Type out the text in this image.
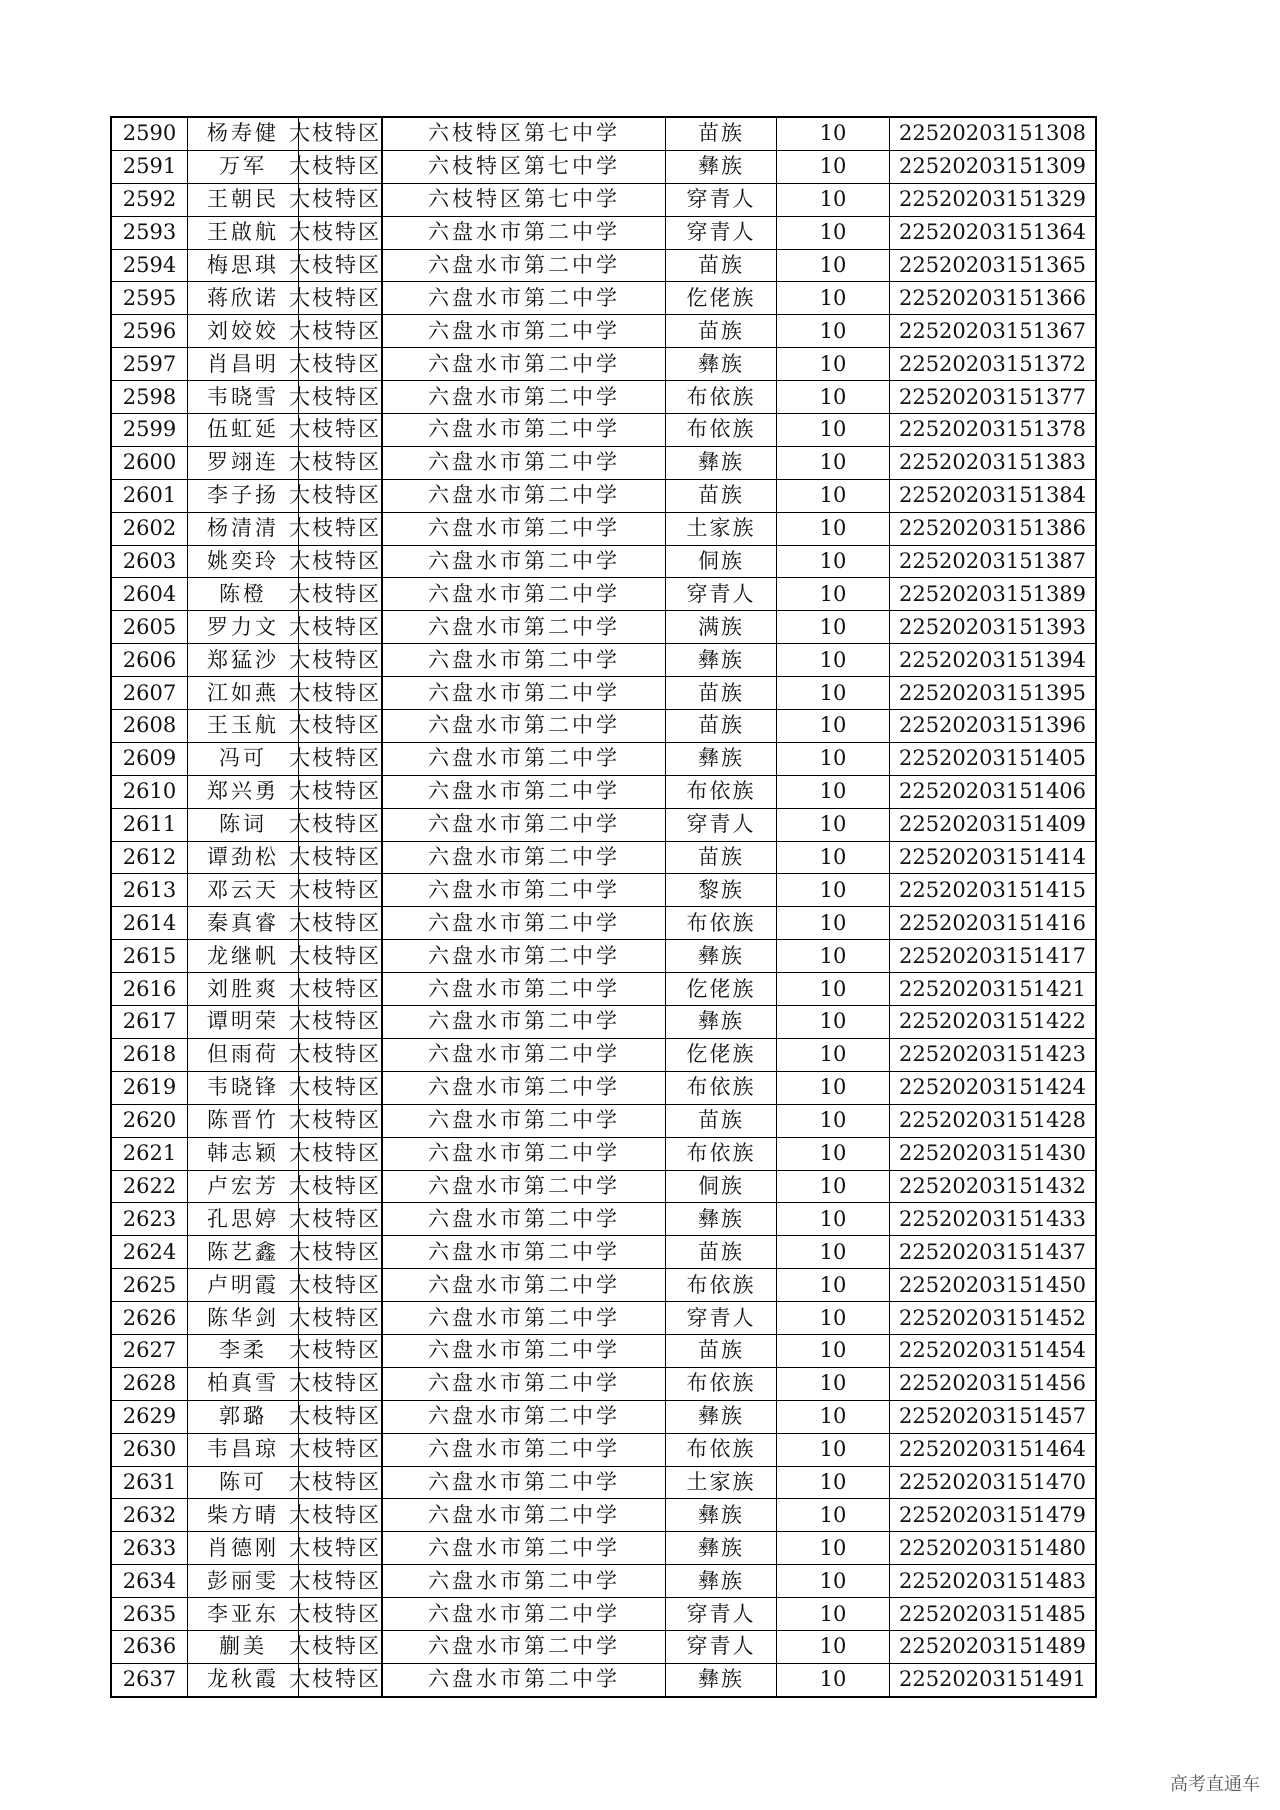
2590	杨寿健	大枝特区	六枝特区第七中学	苗族	10	22520203151308
2591	万军	大枝特区	六枝特区第七中学	彝族	10	22520203151309
2592	王朝民	大枝特区	六枝特区第七中学	穿青人	10	22520203151329
2593	王啟航	大枝特区	六盘水市第二中学	穿青人	10	22520203151364
2594	梅思琪	大枝特区	六盘水市第二中学	苗族	10	22520203151365
2595	蒋欣诺	大枝特区	六盘水市第二中学	仡佬族	10	22520203151366
2596	刘姣姣	大枝特区	六盘水市第二中学	苗族	10	22520203151367
2597	肖昌明	大枝特区	六盘水市第二中学	彝族	10	22520203151372
2598	韦晓雪	大枝特区	六盘水市第二中学	布依族	10	22520203151377
2599	伍虹延	大枝特区	六盘水市第二中学	布依族	10	22520203151378
2600	罗翊连	大枝特区	六盘水市第二中学	彝族	10	22520203151383
2601	李子扬	大枝特区	六盘水市第二中学	苗族	10	22520203151384
2602	杨清清	大枝特区	六盘水市第二中学	土家族	10	22520203151386
2603	姚奕玲	大枝特区	六盘水市第二中学	侗族	10	22520203151387
2604	陈橙	大枝特区	六盘水市第二中学	穿青人	10	22520203151389
2605	罗力文	大枝特区	六盘水市第二中学	满族	10	22520203151393
2606	郑猛沙	大枝特区	六盘水市第二中学	彝族	10	22520203151394
2607	江如燕	大枝特区	六盘水市第二中学	苗族	10	22520203151395
2608	王玉航	大枝特区	六盘水市第二中学	苗族	10	22520203151396
2609	冯可	大枝特区	六盘水市第二中学	彝族	10	22520203151405
2610	郑兴勇	大枝特区	六盘水市第二中学	布依族	10	22520203151406
2611	陈词	大枝特区	六盘水市第二中学	穿青人	10	22520203151409
2612	谭劲松	大枝特区	六盘水市第二中学	苗族	10	22520203151414
2613	邓云天	大枝特区	六盘水市第二中学	黎族	10	22520203151415
2614	秦真睿	大枝特区	六盘水市第二中学	布依族	10	22520203151416
2615	龙继帆	大枝特区	六盘水市第二中学	彝族	10	22520203151417
2616	刘胜爽	大枝特区	六盘水市第二中学	仡佬族	10	22520203151421
2617	谭明荣	大枝特区	六盘水市第二中学	彝族	10	22520203151422
2618	但雨荷	大枝特区	六盘水市第二中学	仡佬族	10	22520203151423
2619	韦晓锋	大枝特区	六盘水市第二中学	布依族	10	22520203151424
2620	陈晋竹	大枝特区	六盘水市第二中学	苗族	10	22520203151428
2621	韩志颖	大枝特区	六盘水市第二中学	布依族	10	22520203151430
2622	卢宏芳	大枝特区	六盘水市第二中学	侗族	10	22520203151432
2623	孔思婷	大枝特区	六盘水市第二中学	彝族	10	22520203151433
2624	陈艺鑫	大枝特区	六盘水市第二中学	苗族	10	22520203151437
2625	卢明霞	大枝特区	六盘水市第二中学	布依族	10	22520203151450
2626	陈华剑	大枝特区	六盘水市第二中学	穿青人	10	22520203151452
2627	李柔	大枝特区	六盘水市第二中学	苗族	10	22520203151454
2628	柏真雪	大枝特区	六盘水市第二中学	布依族	10	22520203151456
2629	郭璐	大枝特区	六盘水市第二中学	彝族	10	22520203151457
2630	韦昌琼	大枝特区	六盘水市第二中学	布依族	10	22520203151464
2631	陈可	大枝特区	六盘水市第二中学	土家族	10	22520203151470
2632	柴方晴	大枝特区	六盘水市第二中学	彝族	10	22520203151479
2633	肖德刚	大枝特区	六盘水市第二中学	彝族	10	22520203151480
2634	彭丽雯	大枝特区	六盘水市第二中学	彝族	10	22520203151483
2635	李亚东	大枝特区	六盘水市第二中学	穿青人	10	22520203151485
2636	蒯美	大枝特区	六盘水市第二中学	穿青人	10	22520203151489
2637	龙秋霞	大枝特区	六盘水市第二中学	彝族	10	22520203151491
高考直通车
